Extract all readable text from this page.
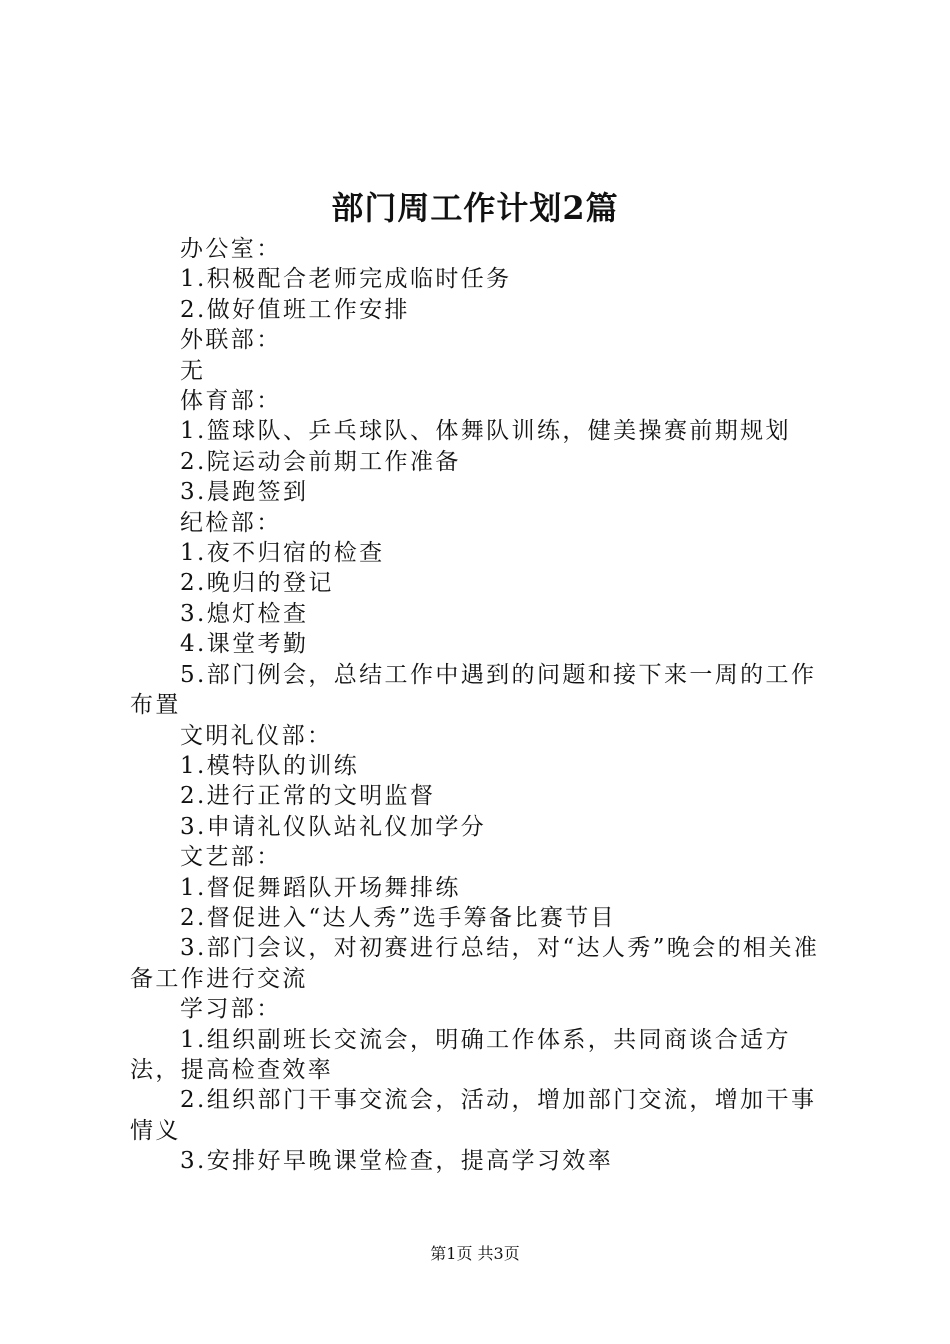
部门周工作计划2篇

办公室：

1.积极配合老师完成临时任务

2.做好值班工作安排

外联部：

无

体育部：

1.篮球队、乒乓球队、体舞队训练，健美操赛前期规划

2.院运动会前期工作准备

3.晨跑签到

纪检部：

1.夜不归宿的检查

2.晚归的登记

3.熄灯检查

4.课堂考勤

5.部门例会，总结工作中遇到的问题和接下来一周的工作布置

文明礼仪部：

1.模特队的训练

2.进行正常的文明监督

3.申请礼仪队站礼仪加学分

文艺部：

1.督促舞蹈队开场舞排练

2.督促进入“达人秀”选手筹备比赛节目

3.部门会议，对初赛进行总结，对“达人秀”晚会的相关准备工作进行交流

学习部：

1.组织副班长交流会，明确工作体系，共同商谈合适方法，提高检查效率

2.组织部门干事交流会，活动，增加部门交流，增加干事情义

3.安排好早晚课堂检查，提高学习效率

第1页 共3页
